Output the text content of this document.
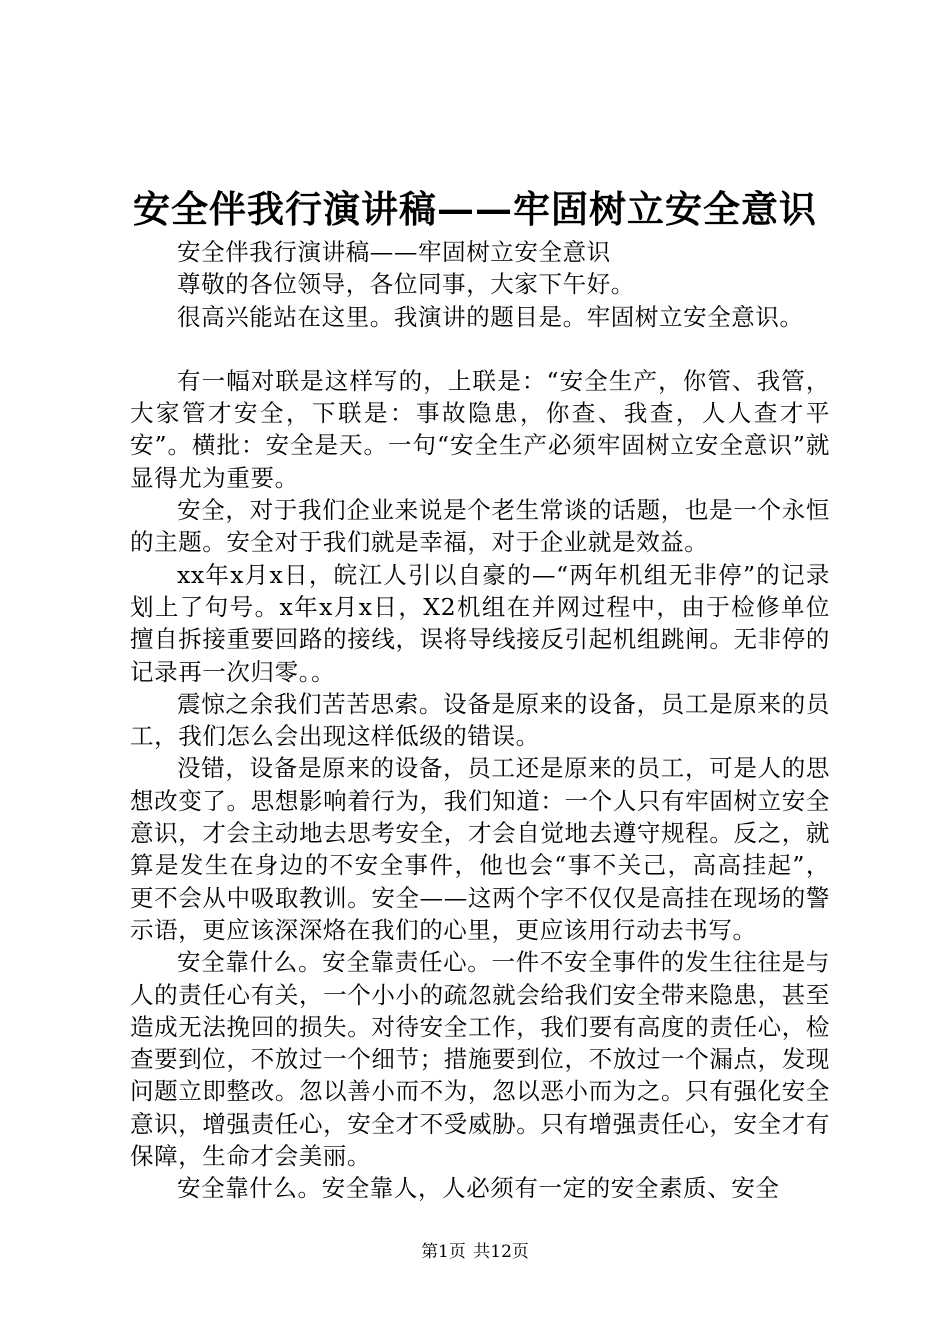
安全伴我行演讲稿——牢固树立安全意识

安全伴我行演讲稿——牢固树立安全意识

尊敬的各位领导，各位同事，大家下午好。

很高兴能站在这里。我演讲的题目是。牢固树立安全意识。

有一幅对联是这样写的，上联是：“安全生产，你管、我管，大家管才安全，下联是：事故隐患，你查、我查，人人查才平安”。横批：安全是天。一句“安全生产必须牢固树立安全意识”就显得尤为重要。

安全，对于我们企业来说是个老生常谈的话题，也是一个永恒的主题。安全对于我们就是幸福，对于企业就是效益。

xx年x月x日，皖江人引以自豪的—“两年机组无非停”的记录划上了句号。x年x月x日，X2机组在并网过程中，由于检修单位擅自拆接重要回路的接线，误将导线接反引起机组跳闸。无非停的记录再一次归零。。

震惊之余我们苦苦思索。设备是原来的设备，员工是原来的员工，我们怎么会出现这样低级的错误。

没错，设备是原来的设备，员工还是原来的员工，可是人的思想改变了。思想影响着行为，我们知道：一个人只有牢固树立安全意识，才会主动地去思考安全，才会自觉地去遵守规程。反之，就算是发生在身边的不安全事件，他也会“事不关己，高高挂起”，更不会从中吸取教训。安全——这两个字不仅仅是高挂在现场的警示语，更应该深深烙在我们的心里，更应该用行动去书写。

安全靠什么。安全靠责任心。一件不安全事件的发生往往是与人的责任心有关，一个小小的疏忽就会给我们安全带来隐患，甚至造成无法挽回的损失。对待安全工作，我们要有高度的责任心，检查要到位，不放过一个细节；措施要到位，不放过一个漏点，发现问题立即整改。忽以善小而不为，忽以恶小而为之。只有强化安全意识，增强责任心，安全才不受威胁。只有增强责任心，安全才有保障，生命才会美丽。

安全靠什么。安全靠人，人必须有一定的安全素质、安全

第1页 共12页
